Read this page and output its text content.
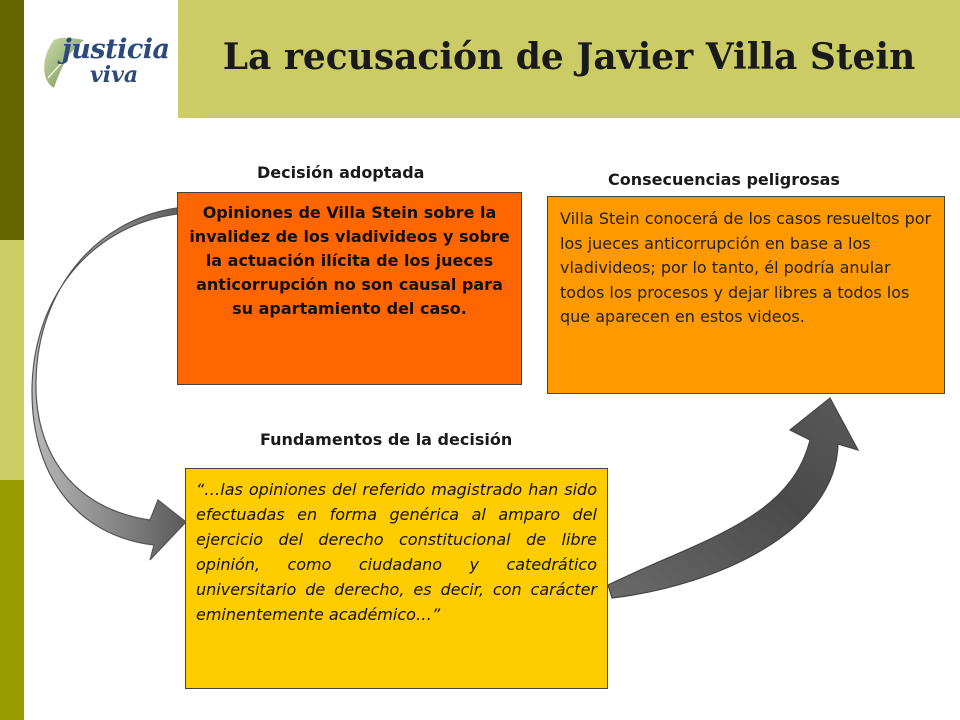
justicia
viva	La recusación de Javier Villa Stein
Decisión adoptada	Consecuencias peligrosas
Fundamentos de la decisión
Opiniones de Villa Stein sobre la invalidez de los vladivideos y sobre la actuación ilícita de los jueces anticorrupción no son causal para su apartamiento del caso.
Villa Stein conocerá de los casos resueltos por los jueces anticorrupción en base a los vladivideos; por lo tanto, él podría anular todos los procesos y dejar libres a todos los que aparecen en estos videos.
“…las opiniones del referido magistrado han sido efectuadas en forma genérica al amparo del ejercicio del derecho constitucional de libre opinión, como ciudadano y catedrático universitario de derecho, es decir, con carácter eminentemente académico…”
